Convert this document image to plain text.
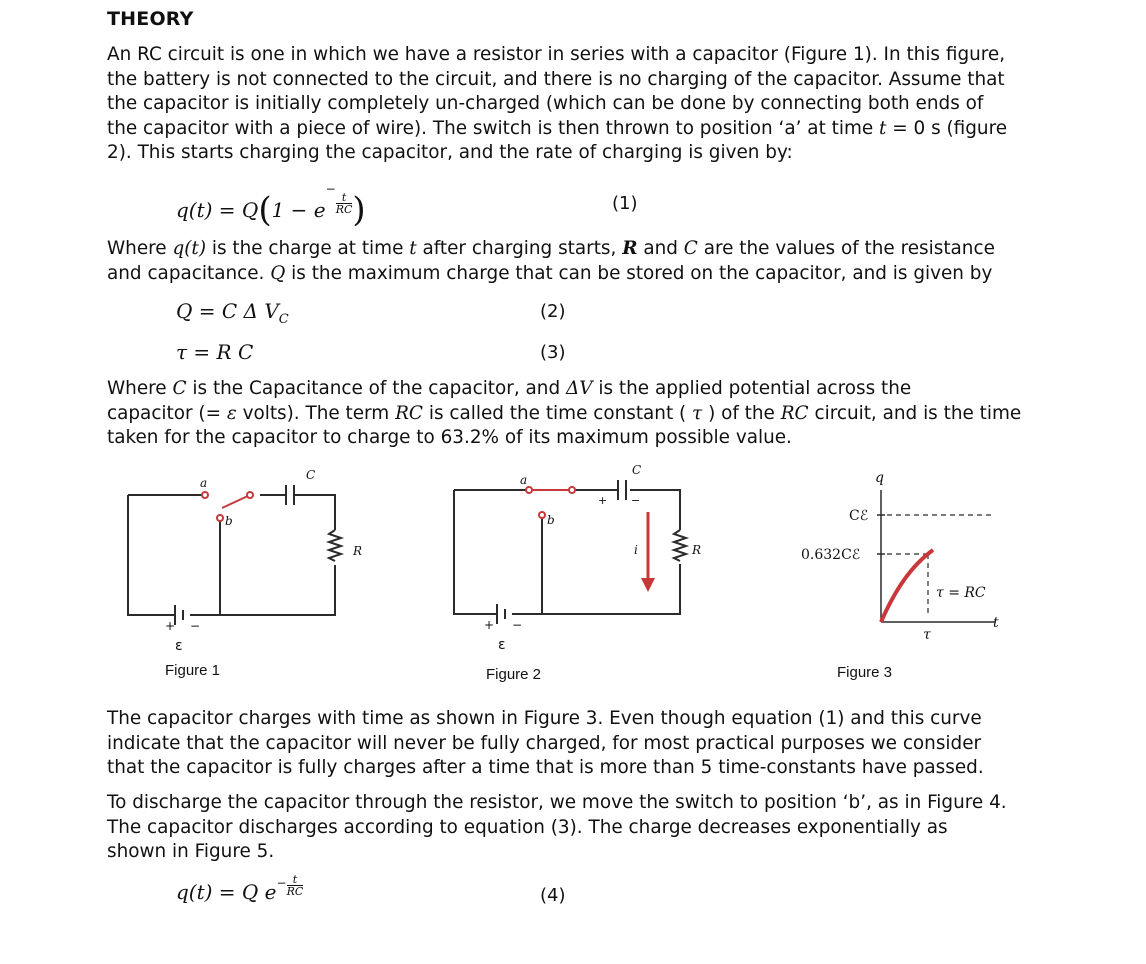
THEORY

An RC circuit is one in which we have a resistor in series with a capacitor (Figure 1). In this figure,

the battery is not connected to the circuit, and there is no charging of the capacitor. Assume that

the capacitor is initially completely un-charged (which can be done by connecting both ends of

the capacitor with a piece of wire). The switch is then thrown to position ‘a’ at time t = 0 s (figure

2). This starts charging the capacitor, and the rate of charging is given by:

q(t) = Q(1 − e−
$\frac{t}{RC}$ )	(1)

Where q(t) is the charge at time t after charging starts, R and C are the values of the resistance

and capacitance. Q is the maximum charge that can be stored on the capacitor, and is given by

Q = C Δ $V_C$	(2)
τ = R C	(3)

Where C is the Capacitance of the capacitor, and ΔV is the applied potential across the

capacitor (= ε volts). The term RC is called the time constant ( τ ) of the RC circuit, and is the time

taken for the capacitor to charge to 63.2% of its maximum possible value.

a
b
C
R
+ −
ε
Figure 1
a
b
C
R
i
+ −
+ −
ε
Figure 2
q
t
Cℰ
0.632Cℰ
τ = RC
τ
Figure 3

The capacitor charges with time as shown in Figure 3. Even though equation (1) and this curve

indicate that the capacitor will never be fully charged, for most practical purposes we consider

that the capacitor is fully charges after a time that is more than 5 time-constants have passed.

To discharge the capacitor through the resistor, we move the switch to position ‘b’, as in Figure 4.

The capacitor discharges according to equation (3). The charge decreases exponentially as

shown in Figure 5.

q(t) = Q $e^- \frac{t}{RC}$	(4)
